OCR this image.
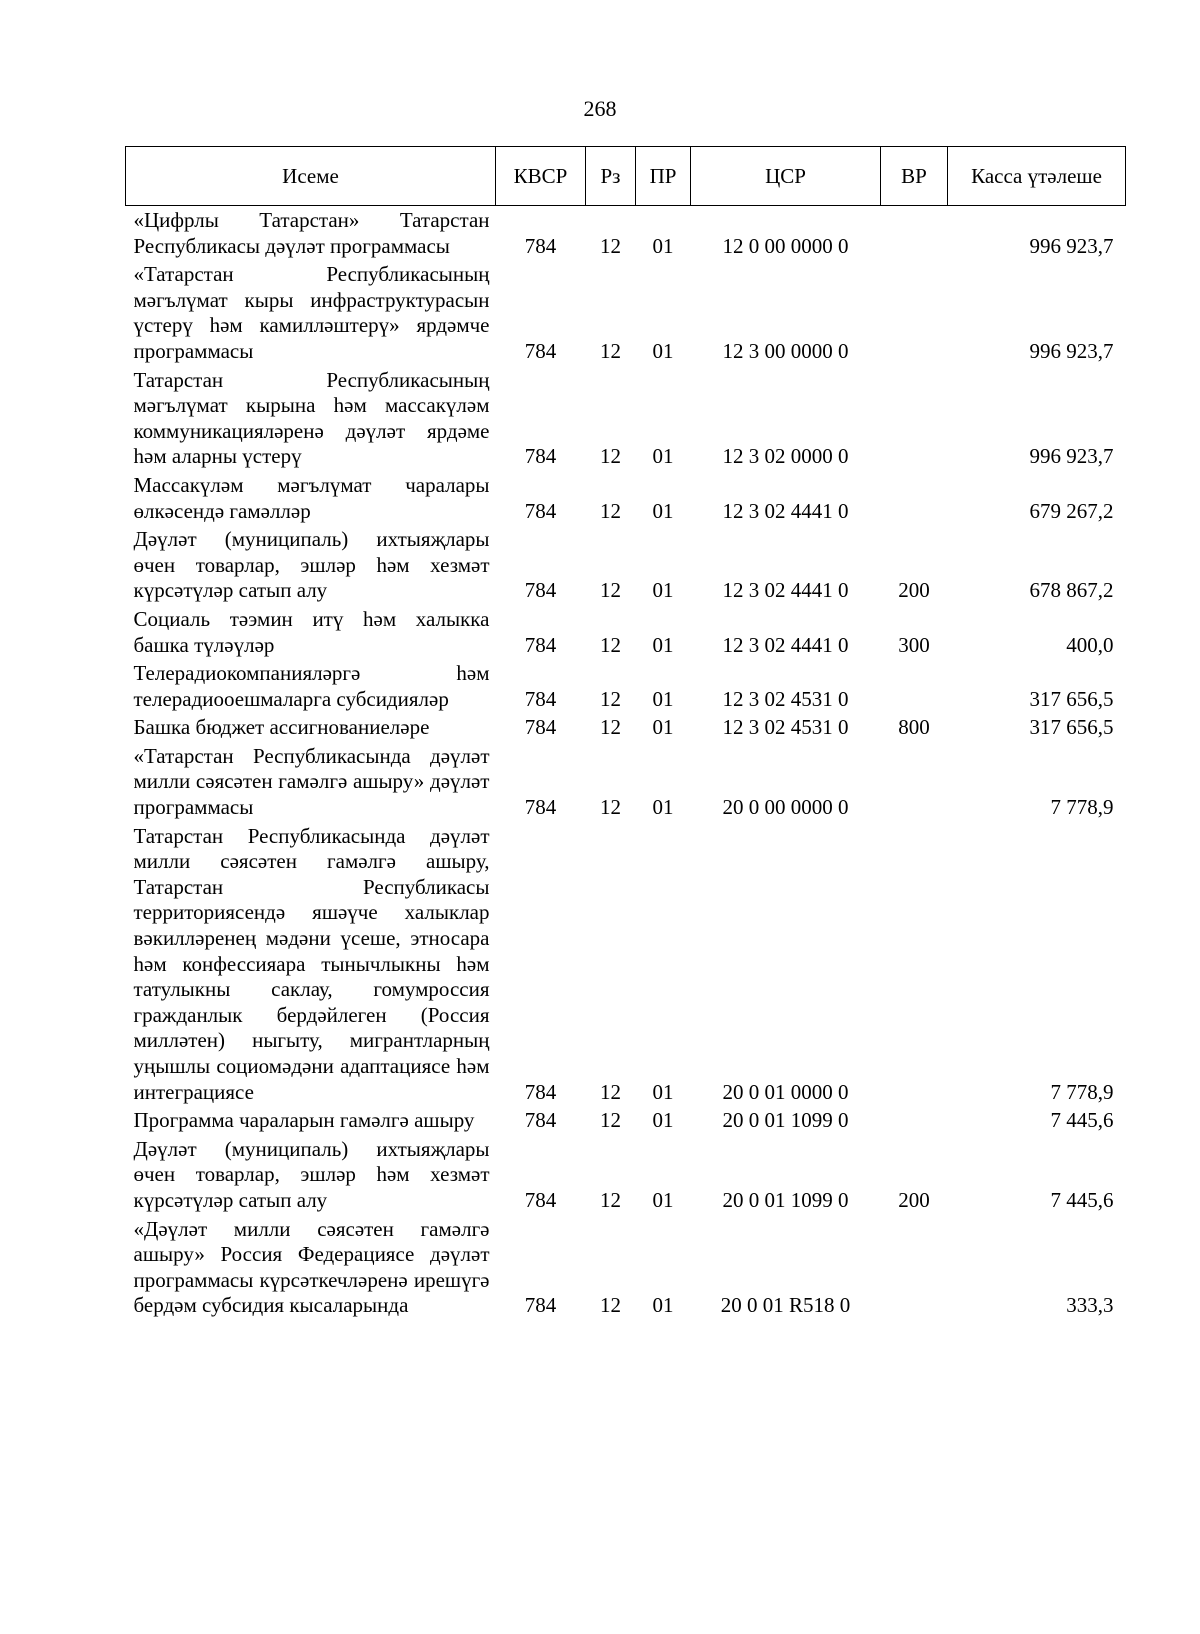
268
Исеме	КВСР	Рз	ПР	ЦСР	ВР	Касса үтәлеше
«Цифрлы Татарстан» Татарстан Республикасы дәүләт программасы	784	12	01	12 0 00 0000 0		996 923,7
«Татарстан Республикасының мәгълүмат кыры инфраструктурасын үстерү һәм камилләштерү» ярдәмче программасы	784	12	01	12 3 00 0000 0		996 923,7
Татарстан Республикасының мәгълүмат кырына һәм массакүләм коммуникацияләренә дәүләт ярдәме һәм аларны үстерү	784	12	01	12 3 02 0000 0		996 923,7
Массакүләм мәгълүмат чаралары өлкәсендә гамәлләр	784	12	01	12 3 02 4441 0		679 267,2
Дәүләт (муниципаль) ихтыяҗлары өчен товарлар, эшләр һәм хезмәт күрсәтүләр сатып алу	784	12	01	12 3 02 4441 0	200	678 867,2
Социаль тәэмин итү һәм халыкка башка түләүләр	784	12	01	12 3 02 4441 0	300	400,0
Телерадиокомпанияләргә һәм телерадиооешмаларга субсидияләр	784	12	01	12 3 02 4531 0		317 656,5
Башка бюджет ассигнованиеләре	784	12	01	12 3 02 4531 0	800	317 656,5
«Татарстан Республикасында дәүләт милли сәясәтен гамәлгә ашыру» дәүләт программасы	784	12	01	20 0 00 0000 0		7 778,9
Татарстан Республикасында дәүләт милли сәясәтен гамәлгә ашыру, Татарстан Республикасы территориясендә яшәүче халыклар вәкилләренең мәдәни үсеше, этносара һәм конфессияара тынычлыкны һәм татулыкны саклау, гомумроссия гражданлык бердәйлеген (Россия милләтен) ныгыту, мигрантларның уңышлы социомәдәни адаптациясе һәм интеграциясе	784	12	01	20 0 01 0000 0		7 778,9
Программа чараларын гамәлгә ашыру	784	12	01	20 0 01 1099 0		7 445,6
Дәүләт (муниципаль) ихтыяҗлары өчен товарлар, эшләр һәм хезмәт күрсәтүләр сатып алу	784	12	01	20 0 01 1099 0	200	7 445,6
«Дәүләт милли сәясәтен гамәлгә ашыру» Россия Федерациясе дәүләт программасы күрсәткечләренә ирешүгә бердәм субсидия кысаларында	784	12	01	20 0 01 R518 0		333,3
